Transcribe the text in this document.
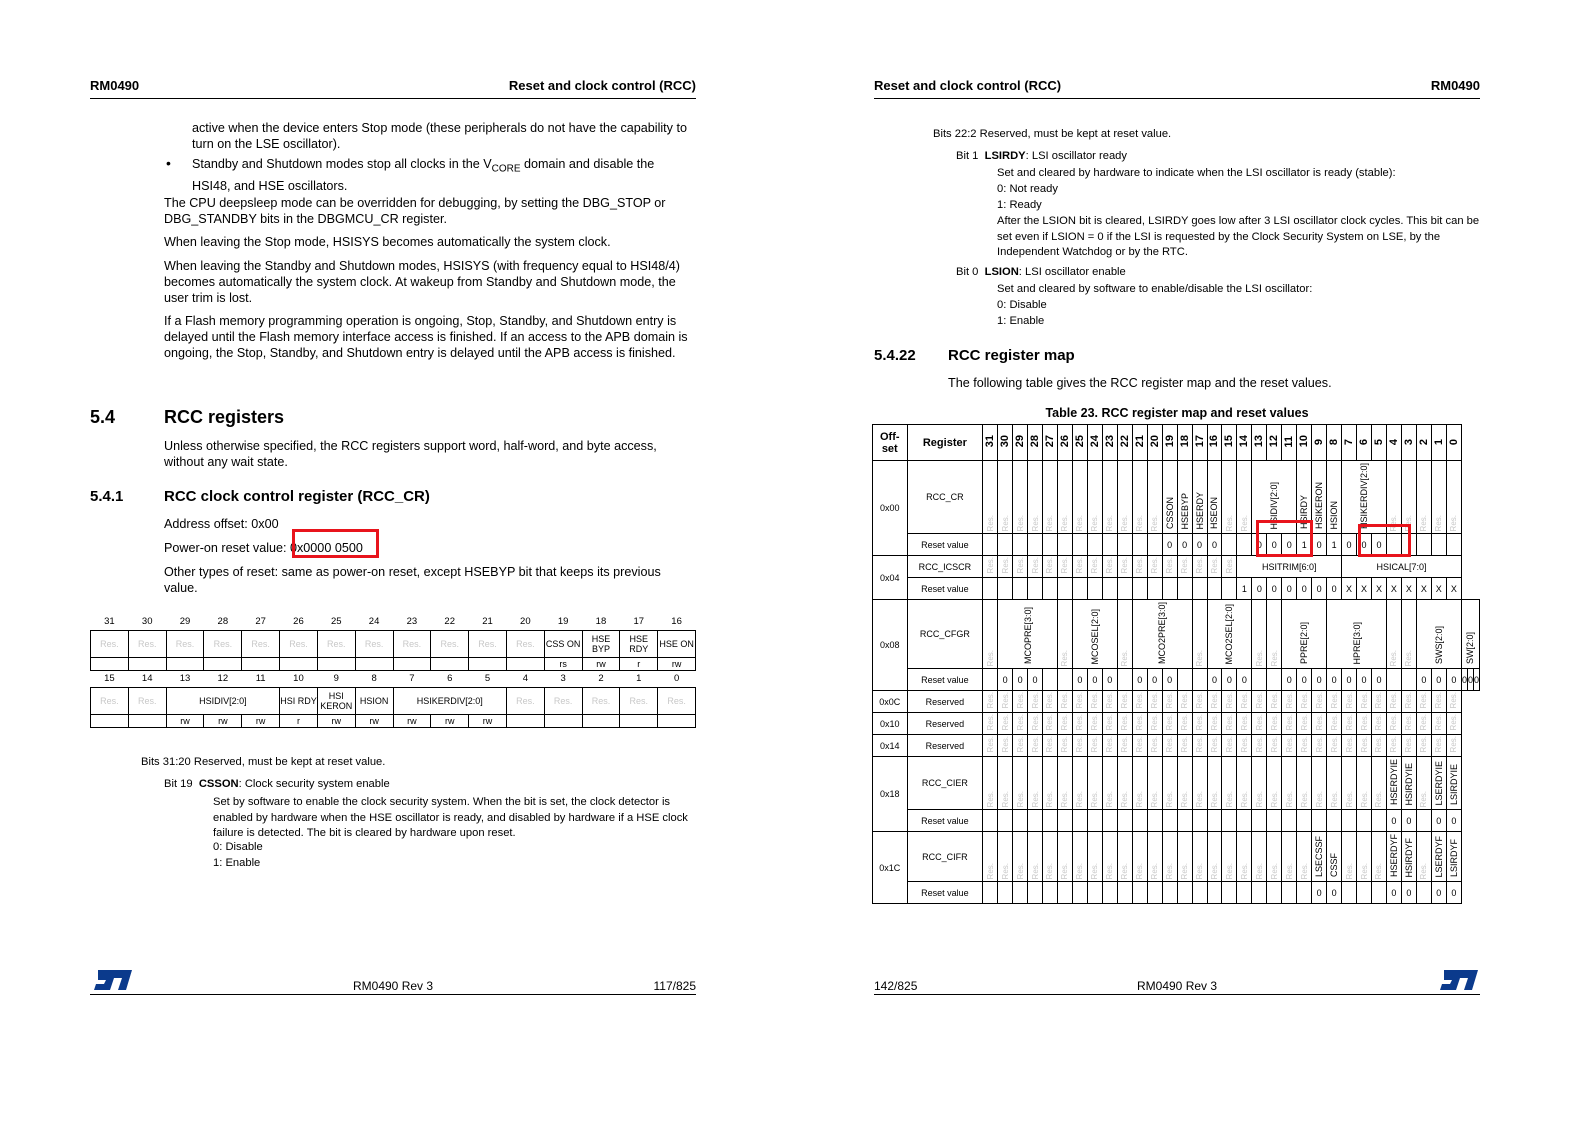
RM0490	Reset and clock control (RCC)
active when the device enters Stop mode (these peripherals do not have the capability to turn on the LSE oscillator).
• Standby and Shutdown modes stop all clocks in the $V_{CORE}$ domain and disable the HSI48, and HSE oscillators.
The CPU deepsleep mode can be overridden for debugging, by setting the DBG_STOP or DBG_STANDBY bits in the DBGMCU_CR register.
When leaving the Stop mode, HSISYS becomes automatically the system clock.
When leaving the Standby and Shutdown modes, HSISYS (with frequency equal to HSI48/4) becomes automatically the system clock. At wakeup from Standby and Shutdown mode, the user trim is lost.
If a Flash memory programming operation is ongoing, Stop, Standby, and Shutdown entry is delayed until the Flash memory interface access is finished. If an access to the APB domain is ongoing, the Stop, Standby, and Shutdown entry is delayed until the APB access is finished.
5.4	RCC registers
Unless otherwise specified, the RCC registers support word, half-word, and byte access, without any wait state.
5.4.1	RCC clock control register (RCC_CR)
Address offset: 0x00
Power-on reset value: 0x0000 0500
Other types of reset: same as power-on reset, except HSEBYP bit that keeps its previous value.
31	30	29	28	27	26	25	24	23	22	21	20	19	18	17	16
Res.	Res.	Res.	Res.	Res.	Res.	Res.	Res.	Res.	Res.	Res.	Res.	CSS ON	HSE BYP	HSE RDY	HSE ON
												rs	rw	r	rw
15	14	13	12	11	10	9	8	7	6	5	4	3	2	1	0
Res.	Res.	HSIDIV[2:0]			HSI RDY	HSI KERON	HSION	HSIKERDIV[2:0]			Res.	Res.	Res.	Res.	Res.
		rw	rw	rw	r	rw	rw	rw	rw	rw					
Bits 31:20 Reserved, must be kept at reset value.
Bit 19 CSSON: Clock security system enable
Set by software to enable the clock security system. When the bit is set, the clock detector is enabled by hardware when the HSE oscillator is ready, and disabled by hardware if a HSE clock failure is detected. The bit is cleared by hardware upon reset.
0: Disable
1: Enable
RM0490 Rev 3	117/825
Reset and clock control (RCC)	RM0490
Bits 22:2 Reserved, must be kept at reset value.
Bit 1 LSIRDY: LSI oscillator ready
Set and cleared by hardware to indicate when the LSI oscillator is ready (stable):
0: Not ready
1: Ready
After the LSION bit is cleared, LSIRDY goes low after 3 LSI oscillator clock cycles. This bit can be set even if LSION = 0 if the LSI is requested by the Clock Security System on LSE, by the Independent Watchdog or by the RTC.
Bit 0 LSION: LSI oscillator enable
Set and cleared by software to enable/disable the LSI oscillator:
0: Disable
1: Enable
5.4.22 RCC register map
The following table gives the RCC register map and the reset values.
Table 23. RCC register map and reset values
Off-set	Register	31	30	29	28	27	26	25	24	23	22	21	20	19	18	17	16	15	14	13	12	11	10	9	8	7	6	5	4	3	2	1	0			
0x00	RCC_CR	Res.	Res.	Res.	Res.	Res.	Res.	Res.	Res.	Res.	Res.	Res.	Res.	CSSON	HSEBYP	HSERDY	HSEON	Res.	Res.	HSIDIV[2:0]			HSIRDY	HSIKERON	HSION	HSIKERDIV[2:0]			Res.	Res.	Res.	Res.	Res.			
	Reset value													0	0	0	0			0	0	0	1	0	1	0	0	0								
0x04	RCC_ICSCR	Res.	Res.	Res.	Res.	Res.	Res.	Res.	Res.	Res.	Res.	Res.	Res.	Res.	Res.	Res.	Res.	Res.	HSITRIM[6:0]							HSICAL[7:0]										
	Reset value																		1	0	0	0	0	0	0	X	X	X	X	X	X	X	X			
0x08	RCC_CFGR	Res.	MCOPRE[3:0]				Res.	MCOSEL[2:0]			Res.	MCO2PRE[3:0]				Res.	MCO2SEL[2:0]			Res.	Res.	PPRE[2:0]			HPRE[3:0]				Res.	Res.	SWS[2:0]			SW[2:0]		
	Reset value		0	0	0			0	0	0		0	0	0			0	0	0			0	0	0	0	0	0	0			0	0	0	0	0	0
0x0C	Reserved	Res.	Res.	Res.	Res.	Res.	Res.	Res.	Res.	Res.	Res.	Res.	Res.	Res.	Res.	Res.	Res.	Res.	Res.	Res.	Res.	Res.	Res.	Res.	Res.	Res.	Res.	Res.	Res.	Res.	Res.	Res.	Res.			
0x10	Reserved	Res.	Res.	Res.	Res.	Res.	Res.	Res.	Res.	Res.	Res.	Res.	Res.	Res.	Res.	Res.	Res.	Res.	Res.	Res.	Res.	Res.	Res.	Res.	Res.	Res.	Res.	Res.	Res.	Res.	Res.	Res.	Res.			
0x14	Reserved	Res.	Res.	Res.	Res.	Res.	Res.	Res.	Res.	Res.	Res.	Res.	Res.	Res.	Res.	Res.	Res.	Res.	Res.	Res.	Res.	Res.	Res.	Res.	Res.	Res.	Res.	Res.	Res.	Res.	Res.	Res.	Res.			
0x18	RCC_CIER	Res.	Res.	Res.	Res.	Res.	Res.	Res.	Res.	Res.	Res.	Res.	Res.	Res.	Res.	Res.	Res.	Res.	Res.	Res.	Res.	Res.	Res.	Res.	Res.	Res.	Res.	Res.	HSERDYIE	HSIRDYIE	Res.	LSERDYIE	LSIRDYIE			
	Reset value																												0	0		0	0			
0x1C	RCC_CIFR	Res.	Res.	Res.	Res.	Res.	Res.	Res.	Res.	Res.	Res.	Res.	Res.	Res.	Res.	Res.	Res.	Res.	Res.	Res.	Res.	Res.	Res.	LSECSSF	CSSF	Res.	Res.	Res.	HSERDYF	HSIRDYF	Res.	LSERDYF	LSIRDYF			
	Reset value																							0	0				0	0		0	0			
142/825	RM0490 Rev 3
